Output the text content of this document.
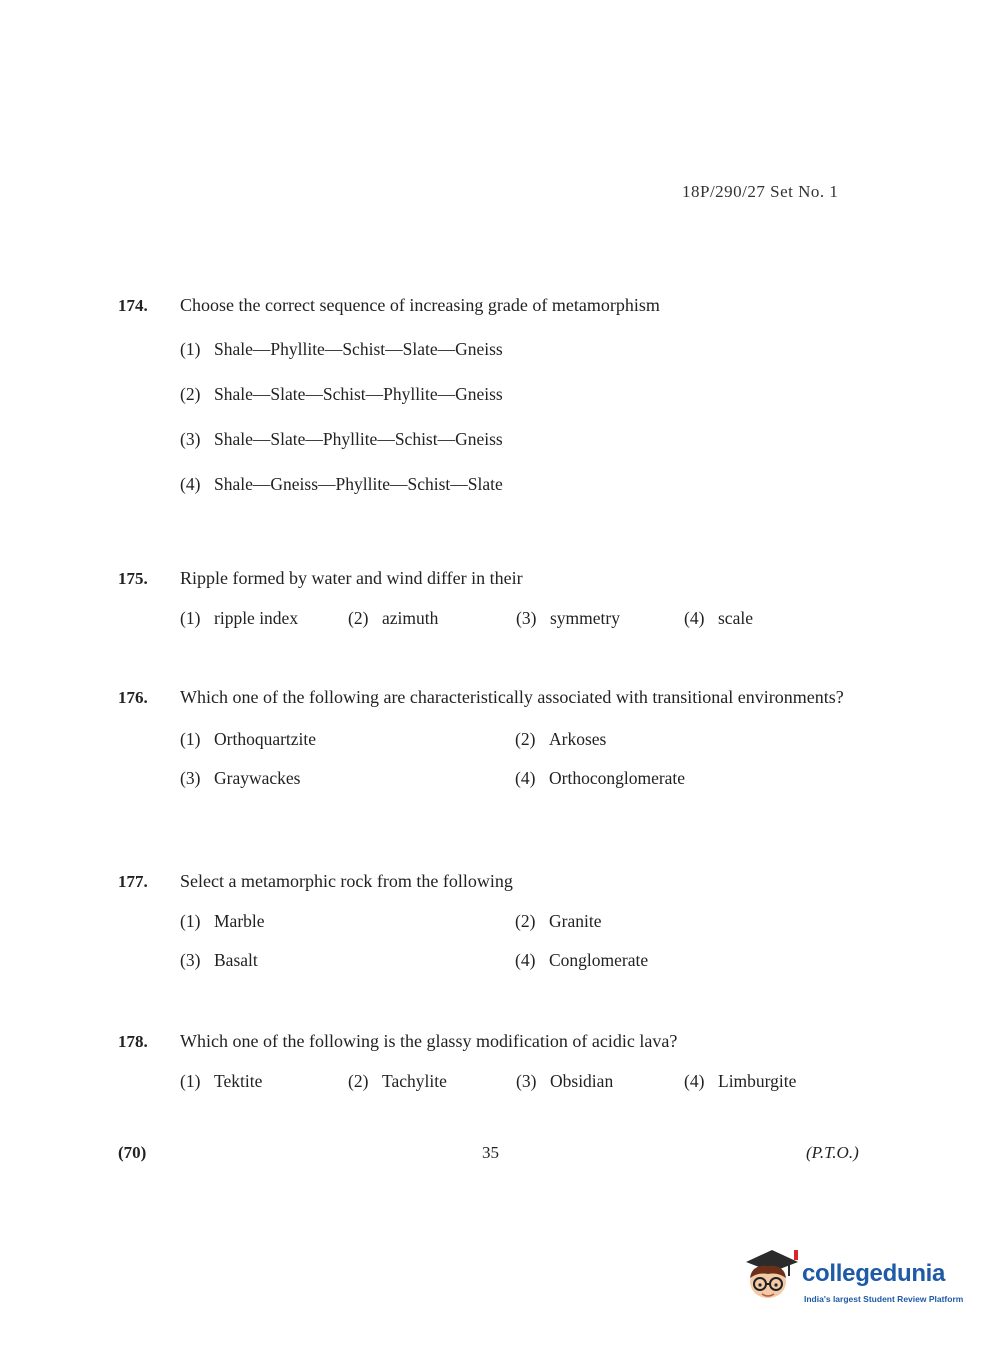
18P/290/27 Set No. 1
174.	Choose the correct sequence of increasing grade of metamorphism
(1) Shale—Phyllite—Schist—Slate—Gneiss
(2) Shale—Slate—Schist—Phyllite—Gneiss
(3) Shale—Slate—Phyllite—Schist—Gneiss
(4) Shale—Gneiss—Phyllite—Schist—Slate
175.	Ripple formed by water and wind differ in their
(1) ripple index	(2) azimuth	(3) symmetry	(4) scale
176.	Which one of the following are characteristically associated with transitional environments?
(1) Orthoquartzite	(2) Arkoses
(3) Graywackes	(4) Orthoconglomerate
177.	Select a metamorphic rock from the following
(1) Marble	(2) Granite
(3) Basalt	(4) Conglomerate
178.	Which one of the following is the glassy modification of acidic lava?
(1) Tektite	(2) Tachylite	(3) Obsidian	(4) Limburgite
(70)	35	(P.T.O.)
collegedunia
India's largest Student Review Platform
